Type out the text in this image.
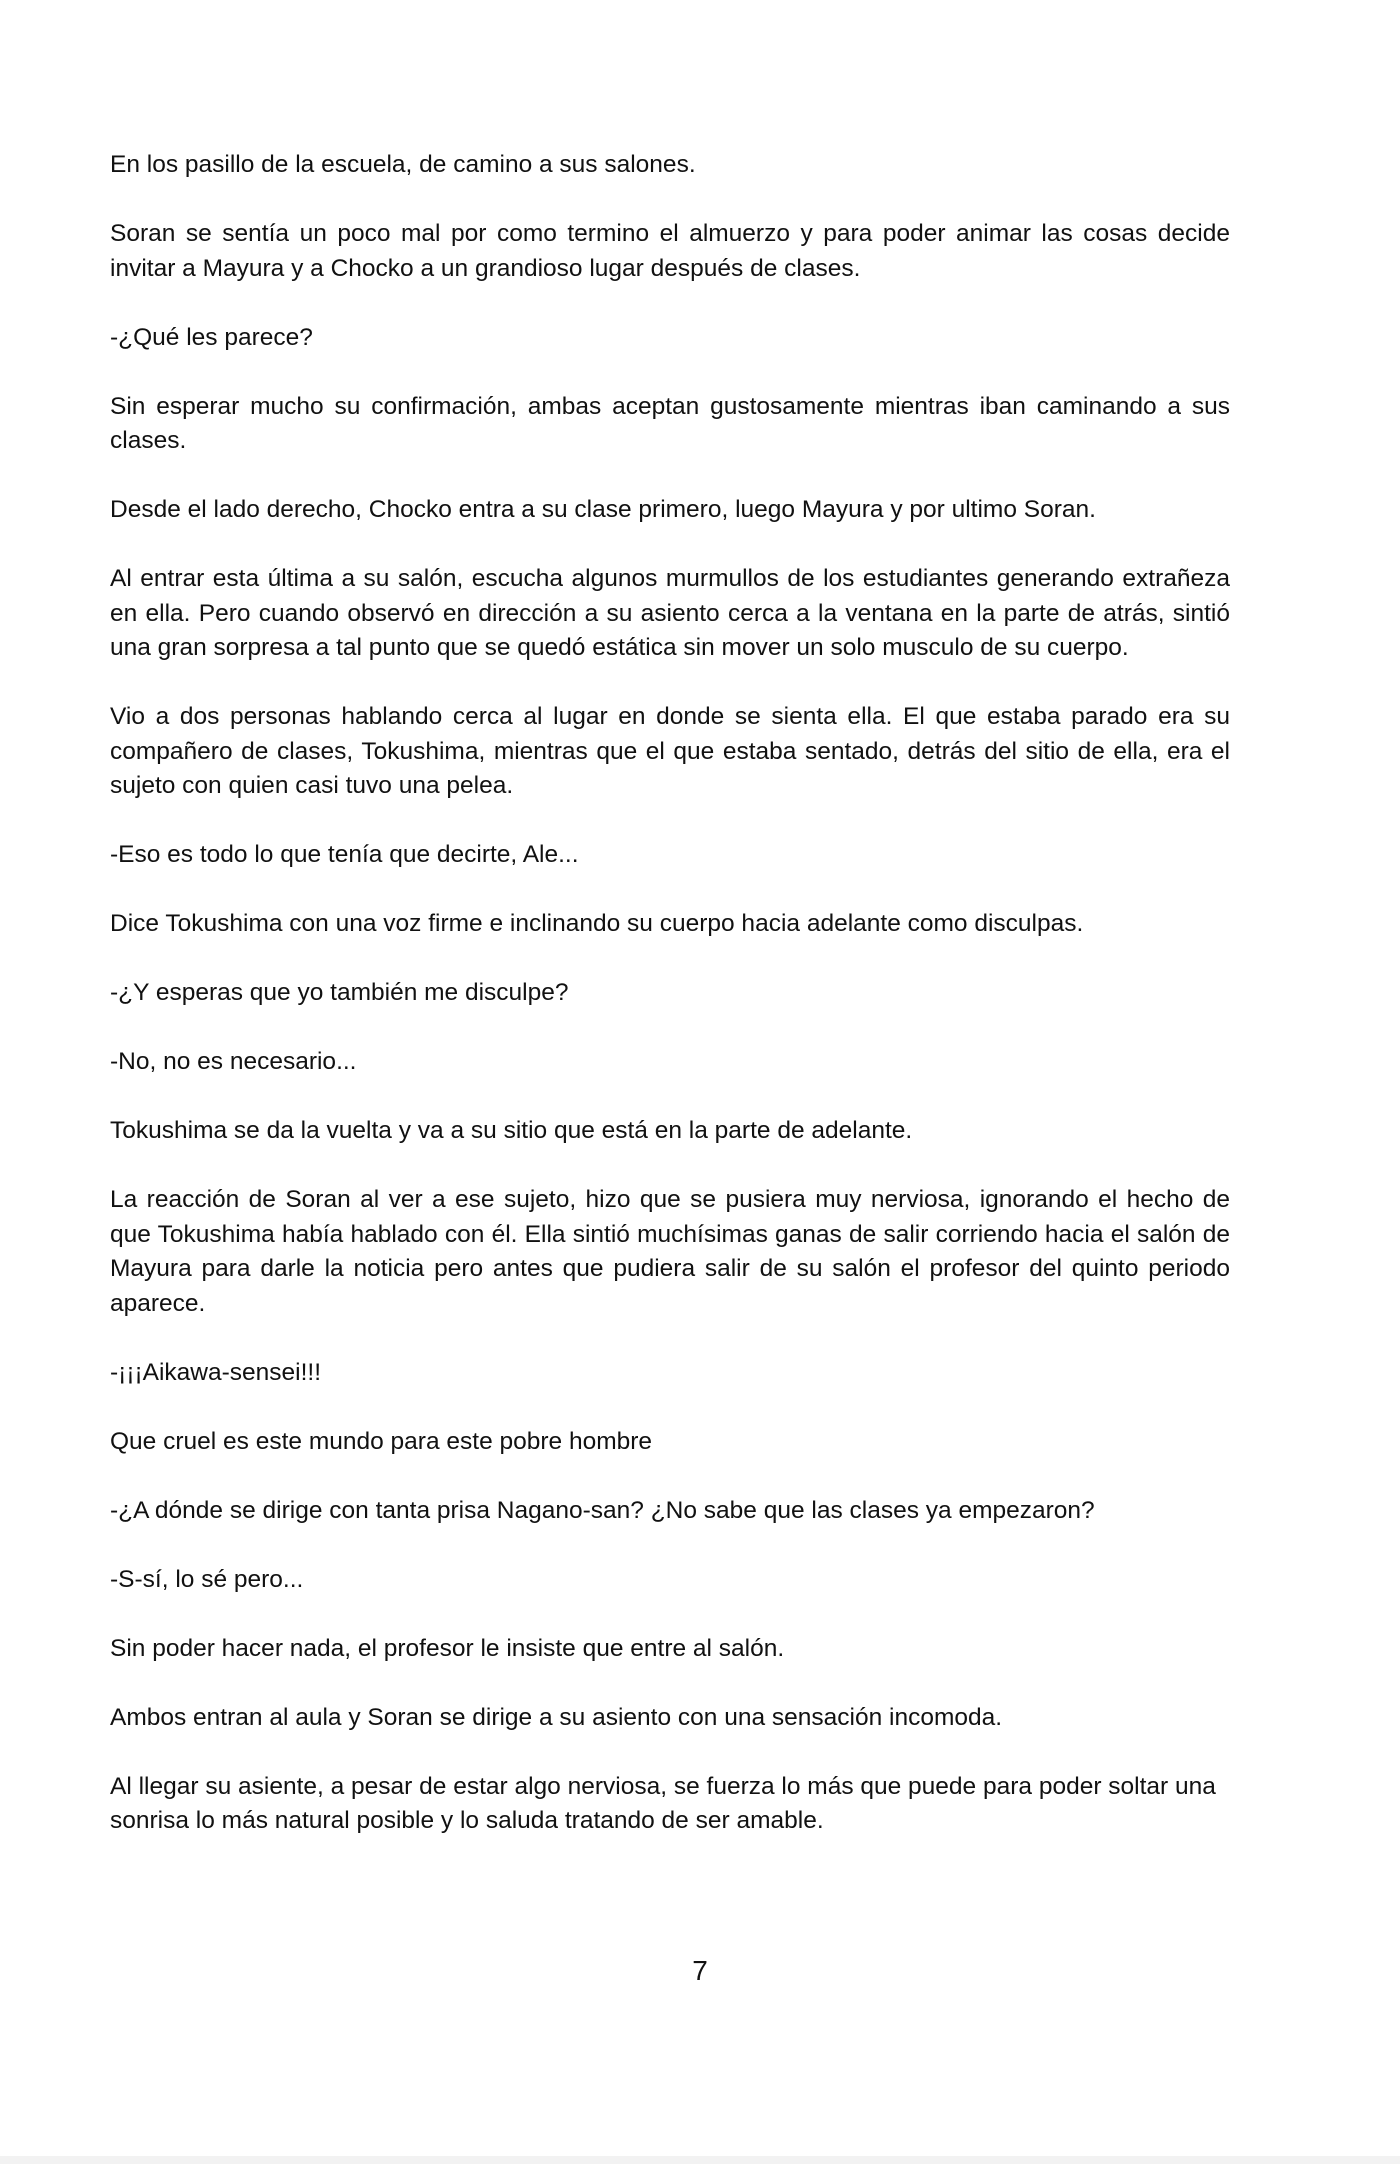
En los pasillo de la escuela, de camino a sus salones.

Soran se sentía un poco mal por como termino el almuerzo y para poder animar las cosas decide invitar a Mayura y a Chocko a un grandioso lugar después de clases.

-¿Qué les parece?

Sin esperar mucho su confirmación, ambas aceptan gustosamente mientras iban caminando a sus clases.

Desde el lado derecho, Chocko entra a su clase primero, luego Mayura y por ultimo Soran.

Al entrar esta última a su salón, escucha algunos murmullos de los estudiantes generando extrañeza en ella. Pero cuando observó en dirección a su asiento cerca a la ventana en la parte de atrás, sintió una gran sorpresa a tal punto que se quedó estática sin mover un solo musculo de su cuerpo.

Vio a dos personas hablando cerca al lugar en donde se sienta ella. El que estaba parado era su compañero de clases, Tokushima, mientras que el que estaba sentado, detrás del sitio de ella, era el sujeto con quien casi tuvo una pelea.

-Eso es todo lo que tenía que decirte, Ale...

Dice Tokushima con una voz firme e inclinando su cuerpo hacia adelante como disculpas.

-¿Y esperas que yo también me disculpe?

-No, no es necesario...

Tokushima se da la vuelta y va a su sitio que está en la parte de adelante.

La reacción de Soran al ver a ese sujeto, hizo que se pusiera muy nerviosa, ignorando el hecho de que Tokushima había hablado con él. Ella sintió muchísimas ganas de salir corriendo hacia el salón de Mayura para darle la noticia pero antes que pudiera salir de su salón el profesor del quinto periodo aparece.

-¡¡¡Aikawa-sensei!!!

Que cruel es este mundo para este pobre hombre

-¿A dónde se dirige con tanta prisa Nagano-san? ¿No sabe que las clases ya empezaron?

-S-sí, lo sé pero...

Sin poder hacer nada, el profesor le insiste que entre al salón.

Ambos entran al aula y Soran se dirige a su asiento con una sensación incomoda.

Al llegar su asiente, a pesar de estar algo nerviosa, se fuerza lo más que puede para poder soltar una sonrisa lo más natural posible y lo saluda tratando de ser amable.

7
